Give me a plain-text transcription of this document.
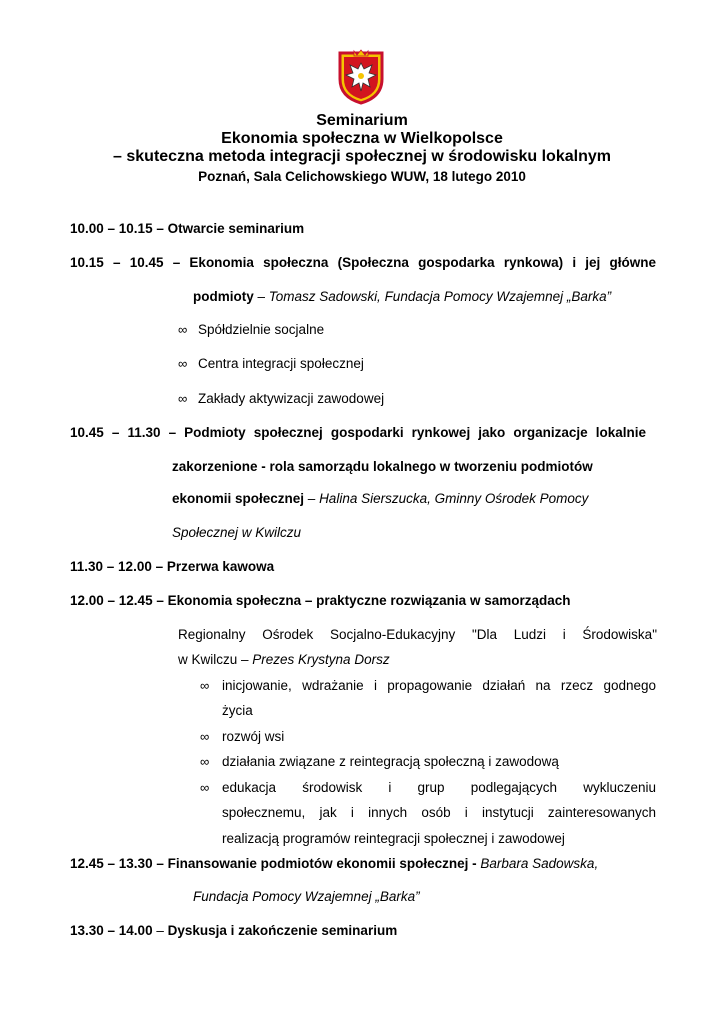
Seminarium
Ekonomia społeczna w Wielkopolsce
– skuteczna metoda integracji społecznej w środowisku lokalnym
Poznań, Sala Celichowskiego WUW, 18 lutego 2010
10.00 – 10.15 – Otwarcie seminarium
10.15 – 10.45 – Ekonomia społeczna (Społeczna gospodarka rynkowa) i jej główne
podmioty – Tomasz Sadowski, Fundacja Pomocy Wzajemnej „Barka”
∞ Spółdzielnie socjalne
∞ Centra integracji społecznej
∞ Zakłady aktywizacji zawodowej
10.45 – 11.30 – Podmioty społecznej gospodarki rynkowej jako organizacje lokalnie
zakorzenione - rola samorządu lokalnego w tworzeniu podmiotów
ekonomii społecznej – Halina Sierszucka, Gminny Ośrodek Pomocy
Społecznej w Kwilczu
11.30 – 12.00 – Przerwa kawowa
12.00 – 12.45 – Ekonomia społeczna – praktyczne rozwiązania w samorządach
Regionalny Ośrodek Socjalno-Edukacyjny "Dla Ludzi i Środowiska"
w Kwilczu – Prezes Krystyna Dorsz
∞ inicjowanie, wdrażanie i propagowanie działań na rzecz godnego
życia
∞ rozwój wsi
∞ działania związane z reintegracją społeczną i zawodową
∞ edukacja środowisk i grup podlegających wykluczeniu
społecznemu, jak i innych osób i instytucji zainteresowanych
realizacją programów reintegracji społecznej i zawodowej
12.45 – 13.30 – Finansowanie podmiotów ekonomii społecznej - Barbara Sadowska,
Fundacja Pomocy Wzajemnej „Barka”
13.30 – 14.00 – Dyskusja i zakończenie seminarium
